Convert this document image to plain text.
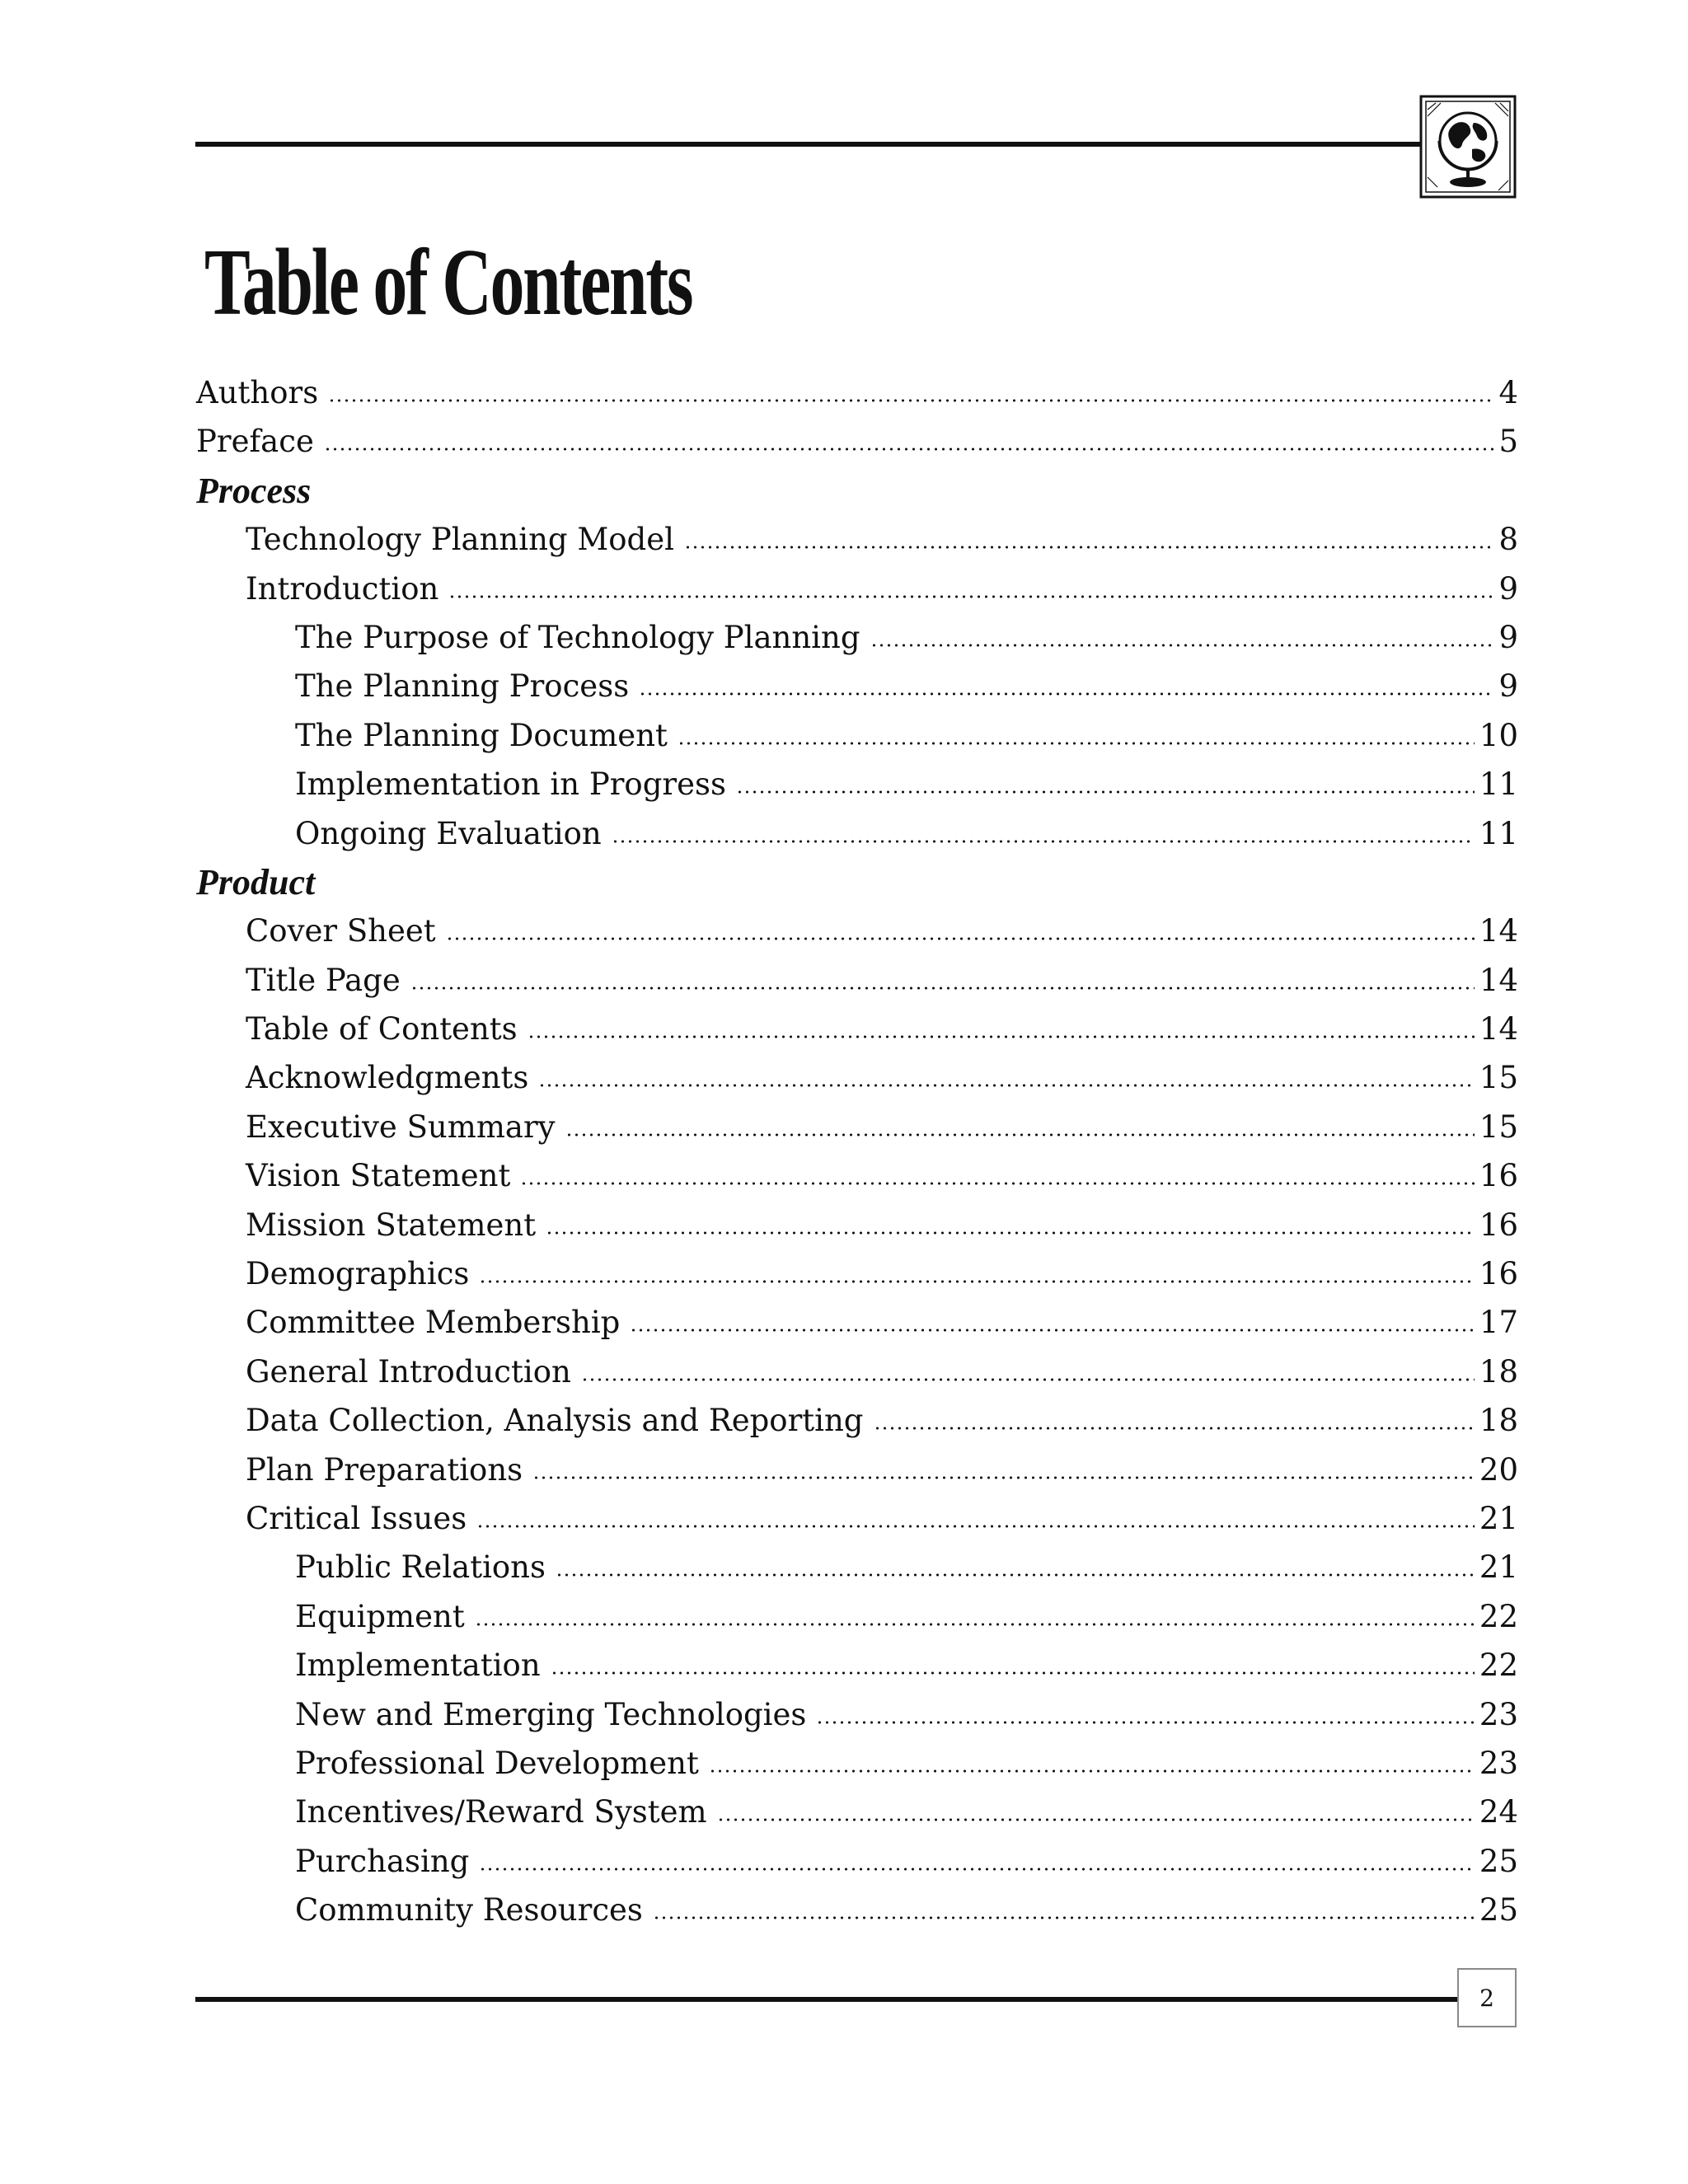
Table of Contents
Authors	4
Preface	5
Process
Technology Planning Model	8
Introduction	9
The Purpose of Technology Planning	9
The Planning Process	9
The Planning Document	10
Implementation in Progress	11
Ongoing Evaluation	11
Product
Cover Sheet	14
Title Page	14
Table of Contents	14
Acknowledgments	15
Executive Summary	15
Vision Statement	16
Mission Statement	16
Demographics	16
Committee Membership	17
General Introduction	18
Data Collection, Analysis and Reporting	18
Plan Preparations	20
Critical Issues	21
Public Relations	21
Equipment	22
Implementation	22
New and Emerging Technologies	23
Professional Development	23
Incentives/Reward System	24
Purchasing	25
Community Resources	25
2
